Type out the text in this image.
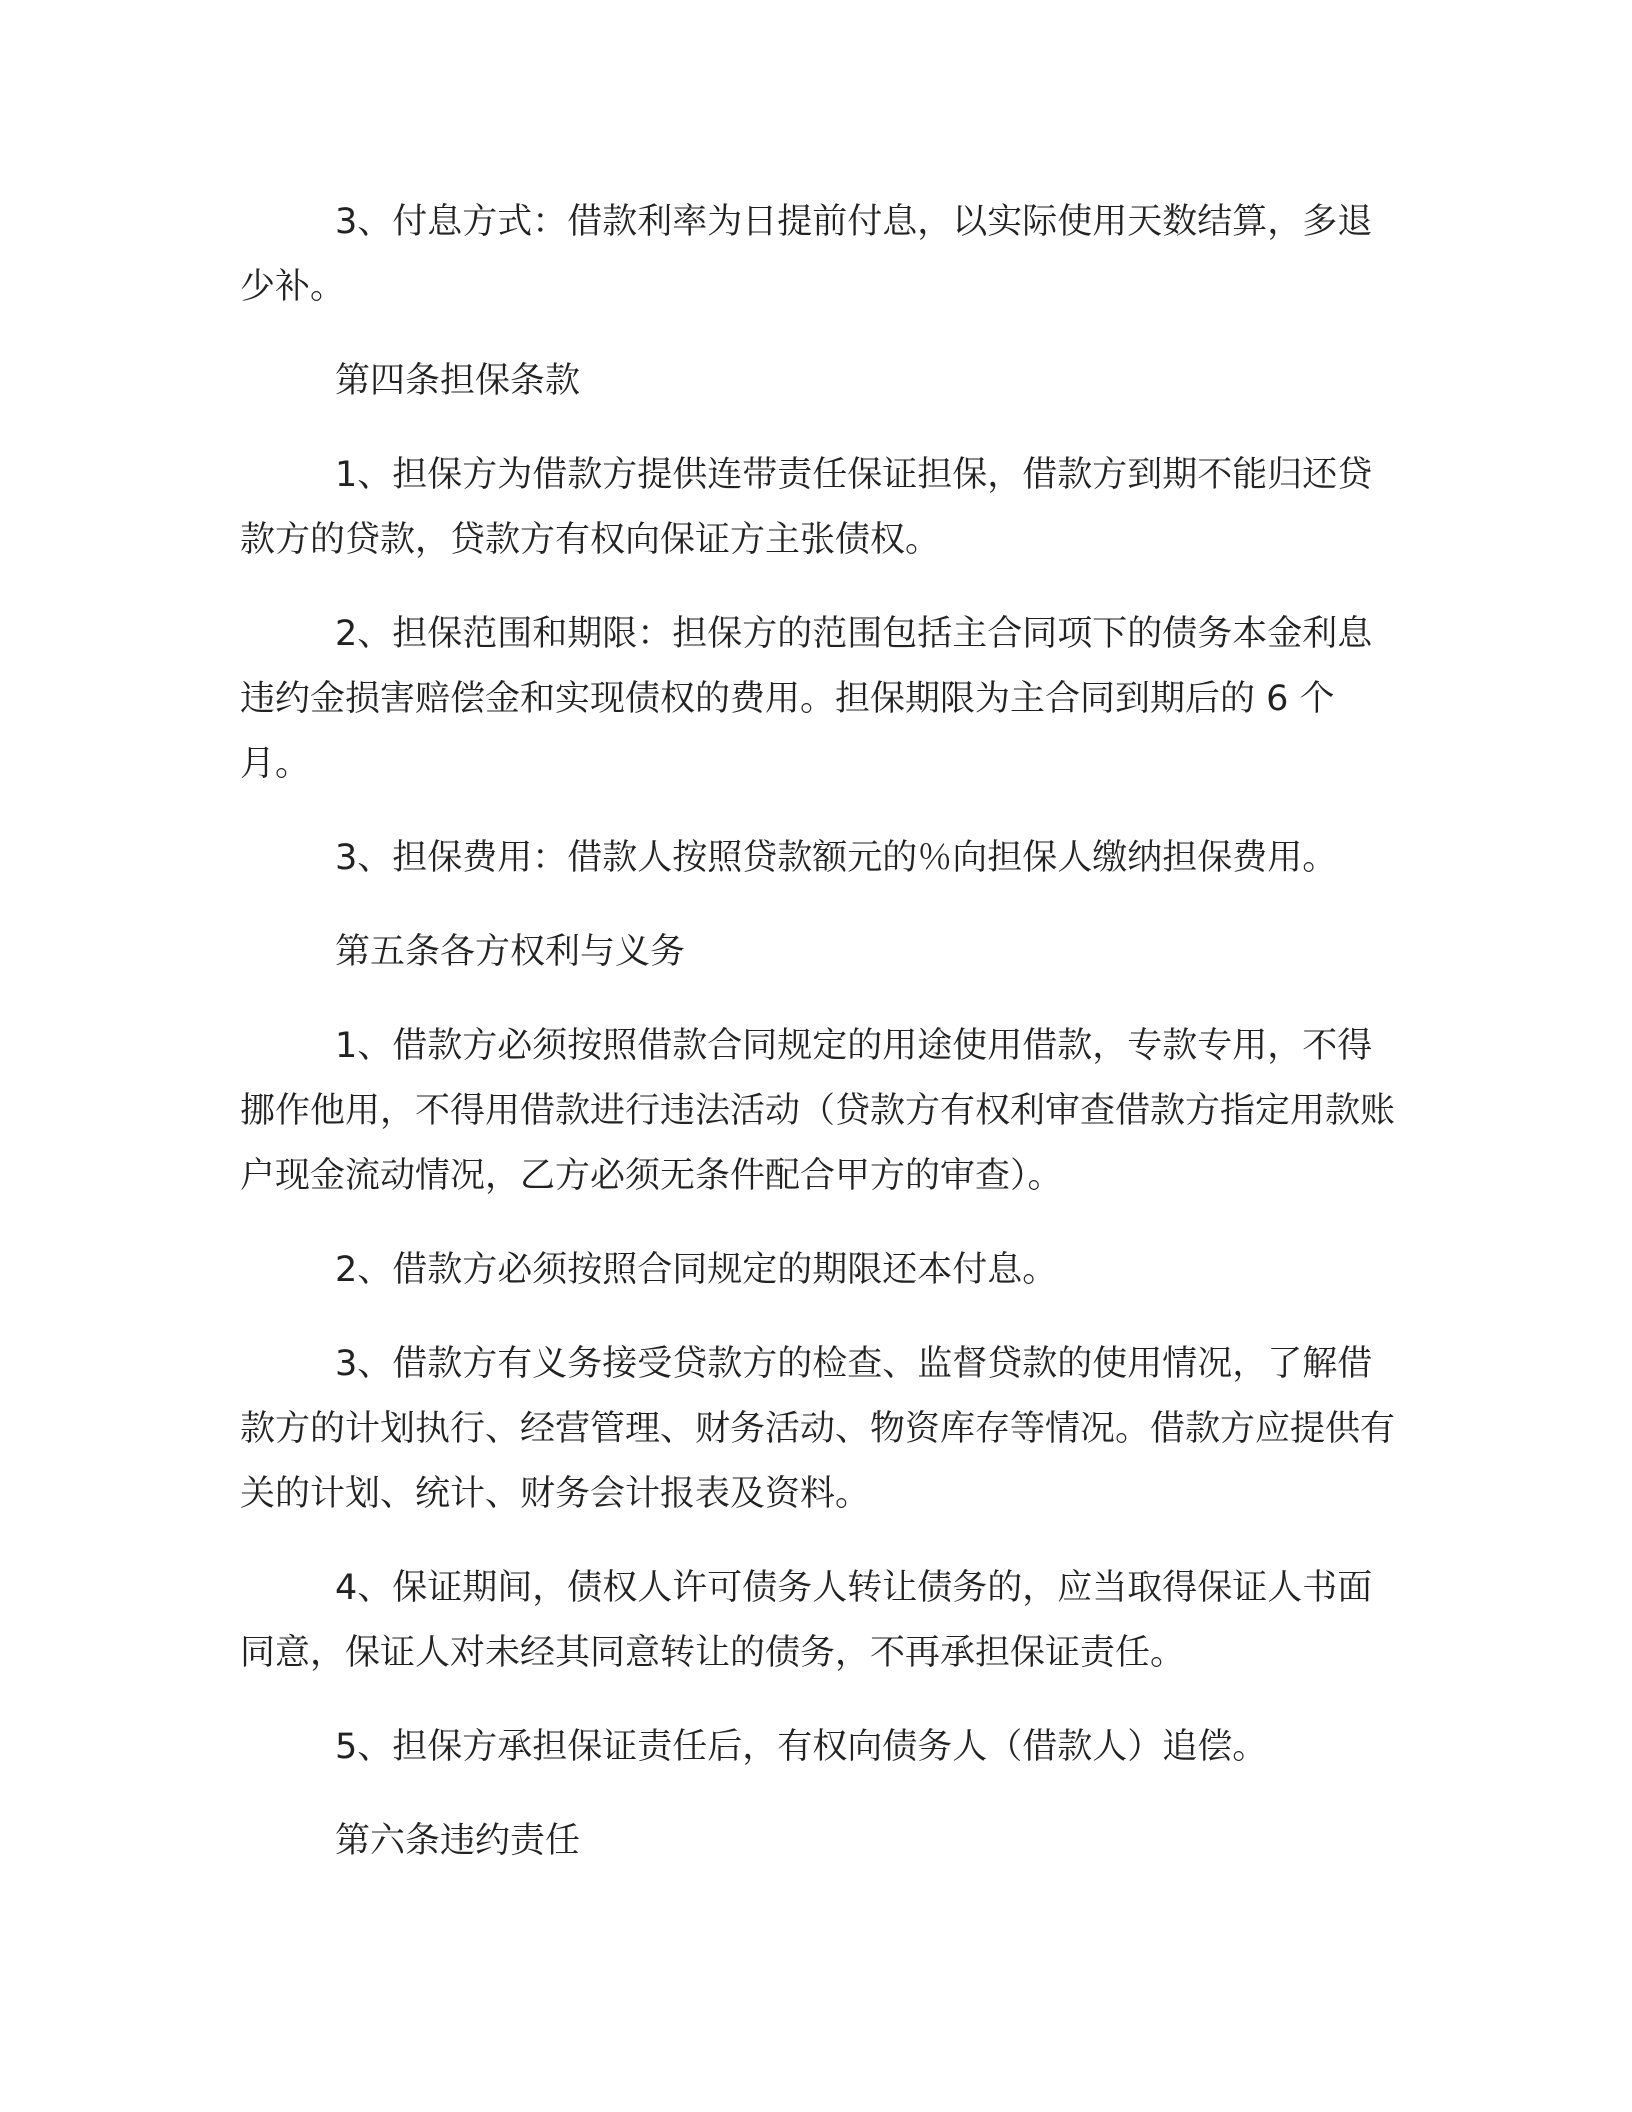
3、付息方式：借款利率为日提前付息，以实际使用天数结算，多退少补。

第四条担保条款

1、担保方为借款方提供连带责任保证担保，借款方到期不能归还贷款方的贷款，贷款方有权向保证方主张债权。

2、担保范围和期限：担保方的范围包括主合同项下的债务本金利息违约金损害赔偿金和实现债权的费用。担保期限为主合同到期后的 6 个月。

3、担保费用：借款人按照贷款额元的％向担保人缴纳担保费用。

第五条各方权利与义务

1、借款方必须按照借款合同规定的用途使用借款，专款专用，不得挪作他用，不得用借款进行违法活动（贷款方有权利审查借款方指定用款账户现金流动情况，乙方必须无条件配合甲方的审查）。

2、借款方必须按照合同规定的期限还本付息。

3、借款方有义务接受贷款方的检查、监督贷款的使用情况，了解借款方的计划执行、经营管理、财务活动、物资库存等情况。借款方应提供有关的计划、统计、财务会计报表及资料。

4、保证期间，债权人许可债务人转让债务的，应当取得保证人书面同意，保证人对未经其同意转让的债务，不再承担保证责任。

5、担保方承担保证责任后，有权向债务人（借款人）追偿。

第六条违约责任
